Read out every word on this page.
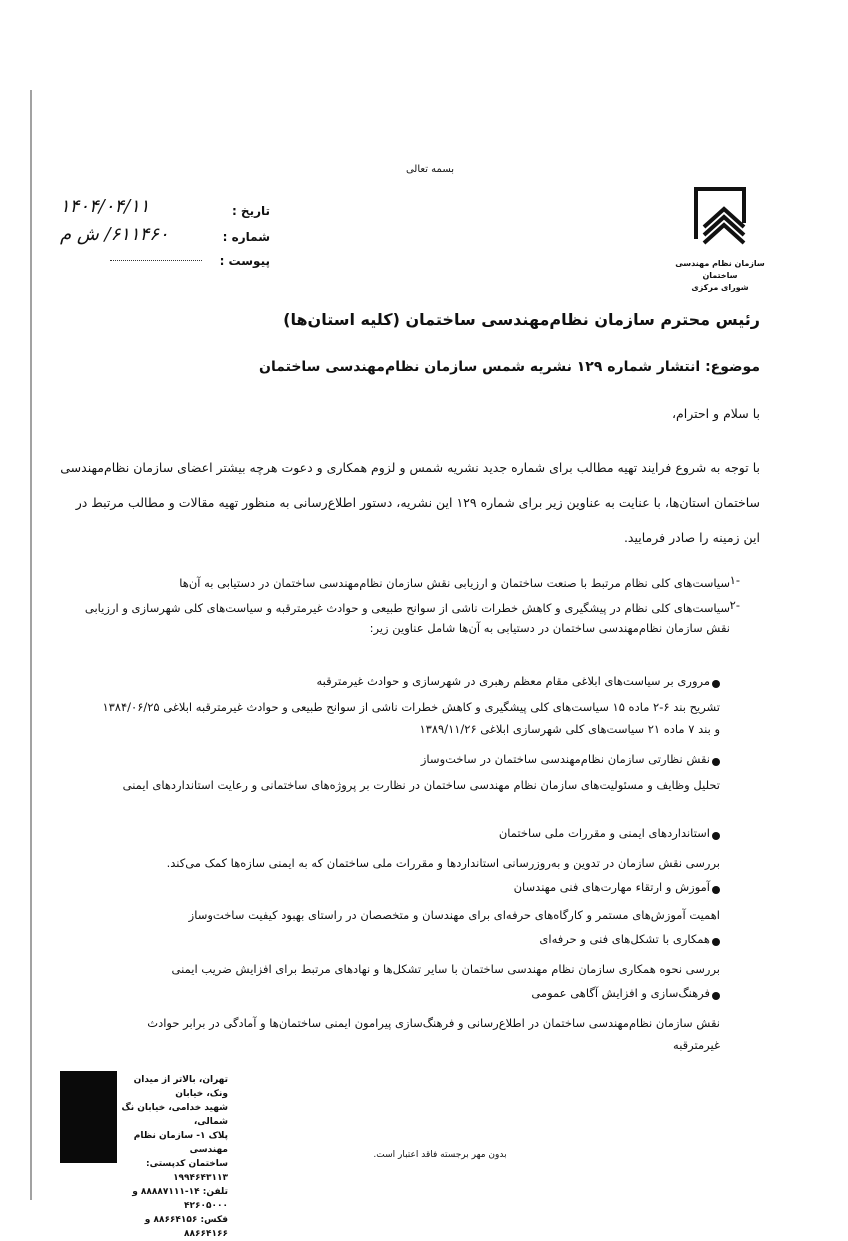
بسمه تعالی
سازمان نظام مهندسی ساختمان
شورای مرکزی
تاریخ :
۱۴۰۴/۰۴/۱۱
شماره :
۶۱۱۴۶۰/ ش م
پیوست :
رئیس محترم سازمان نظام‌مهندسی ساختمان (کلیه استان‌ها)
موضوع: انتشار شماره ۱۲۹ نشریه شمس سازمان نظام‌مهندسی ساختمان
با سلام و احترام،
با توجه به شروع فرایند تهیه مطالب برای شماره جدید نشریه شمس و لزوم همکاری و دعوت هرچه بیشتر اعضای سازمان نظام‌مهندسی ساختمان استان‌ها، با عنایت به عناوین زیر برای شماره ۱۲۹ این نشریه، دستور اطلاع‌رسانی به منظور تهیه مقالات و مطالب مرتبط در این زمینه را صادر فرمایید.
۱-
سیاست‌های کلی نظام مرتبط با صنعت ساختمان و ارزیابی نقش سازمان نظام‌مهندسی ساختمان در دستیابی به آن‌ها
۲-
سیاست‌های کلی نظام در پیشگیری و کاهش خطرات ناشی از سوانح طبیعی و حوادث غیرمترقبه و سیاست‌های کلی شهرسازی و ارزیابی نقش سازمان نظام‌مهندسی ساختمان در دستیابی به آن‌ها شامل عناوین زیر:
مروری بر سیاست‌های ابلاغی مقام معظم رهبری در شهرسازی و حوادث غیرمترقبه
تشریح بند ۶-۲ ماده ۱۵ سیاست‌های کلی پیشگیری و کاهش خطرات ناشی از سوانح طبیعی و حوادث غیرمترقبه ابلاغی ۱۳۸۴/۰۶/۲۵ و بند ۷ ماده ۲۱ سیاست‌های کلی شهرسازی ابلاغی ۱۳۸۹/۱۱/۲۶
نقش نظارتی سازمان نظام‌مهندسی ساختمان در ساخت‌وساز
تحلیل وظایف و مسئولیت‌های سازمان نظام مهندسی ساختمان در نظارت بر پروژه‌های ساختمانی و رعایت استانداردهای ایمنی
استانداردهای ایمنی و مقررات ملی ساختمان
بررسی نقش سازمان در تدوین و به‌روزرسانی استانداردها و مقررات ملی ساختمان که به ایمنی سازه‌ها کمک می‌کند.
آموزش و ارتقاء مهارت‌های فنی مهندسان
اهمیت آموزش‌های مستمر و کارگاه‌های حرفه‌ای برای مهندسان و متخصصان در راستای بهبود کیفیت ساخت‌وساز
همکاری با تشکل‌های فنی و حرفه‌ای
بررسی نحوه همکاری سازمان نظام مهندسی ساختمان با سایر تشکل‌ها و نهادهای مرتبط برای افزایش ضریب ایمنی
فرهنگ‌سازی و افزایش آگاهی عمومی
نقش سازمان نظام‌مهندسی ساختمان در اطلاع‌رسانی و فرهنگ‌سازی پیرامون ایمنی ساختمان‌ها و آمادگی در برابر حوادث غیرمترقبه
تهران، بالاتر از میدان ونک، خیابان
شهید خدامی، خیابان نگ شمالی،
پلاک ۱- سازمان نظام مهندسی
ساختمان کدپستی: ۱۹۹۴۶۴۳۱۱۳
تلفن: ۱۴-۸۸۸۸۷۱۱۱ و ۴۲۶۰۵۰۰۰
فکس: ۸۸۶۶۴۱۵۶ و ۸۸۶۶۴۱۶۶
بدون مهر برجسته فاقد اعتبار است.
